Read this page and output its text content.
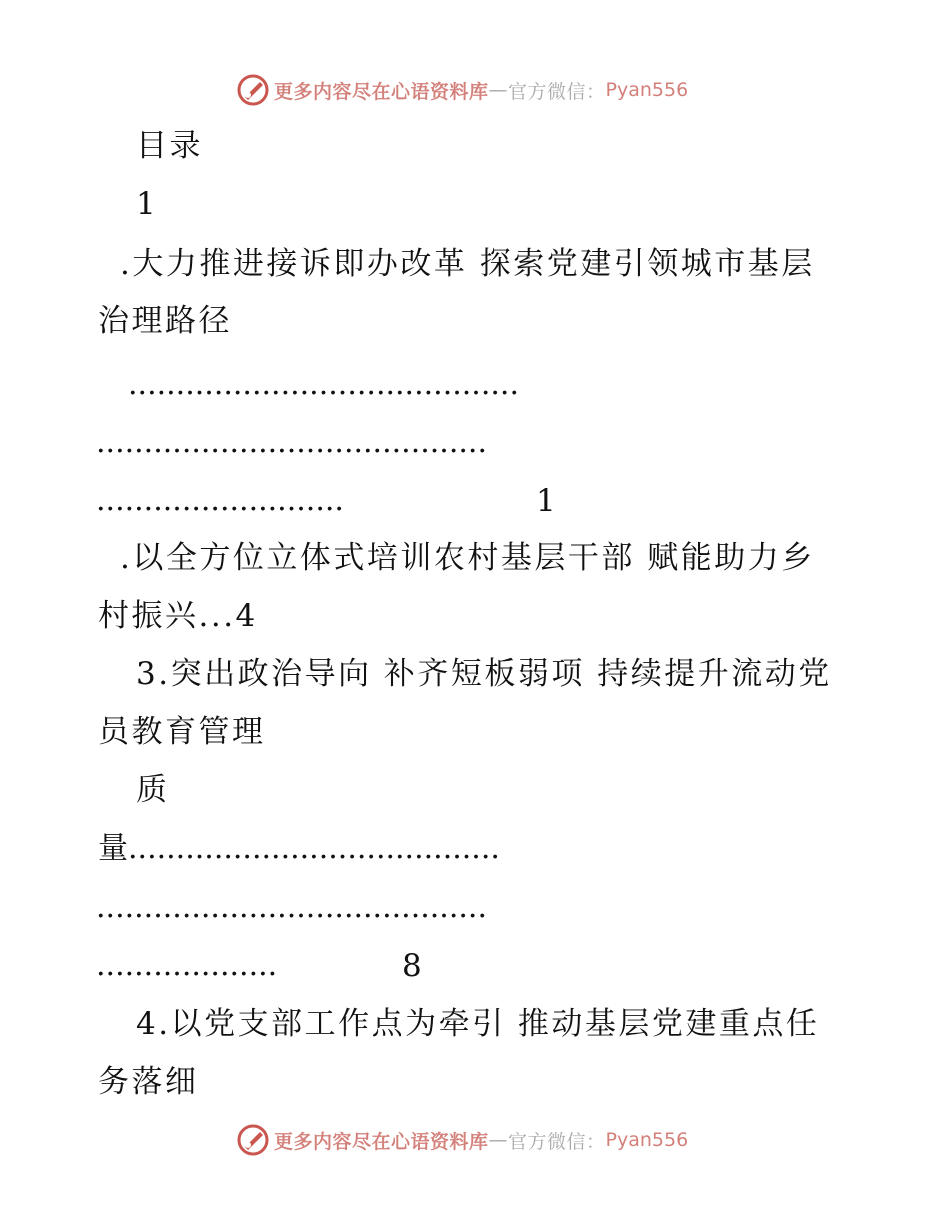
更多内容尽在心语资料库 — 官方微信： Pyan556

目录

1

.大力推进接诉即办改革 探索党建引领城市基层

治理路径

.........................................

.........................................

..........................	1

.以全方位立体式培训农村基层干部 赋能助力乡

村振兴...4

3.突出政治导向 补齐短板弱项 持续提升流动党

员教育管理

质

量.......................................

.........................................

...................	8

4.以党支部工作点为牵引 推动基层党建重点任

务落细

更多内容尽在心语资料库 — 官方微信： Pyan556
